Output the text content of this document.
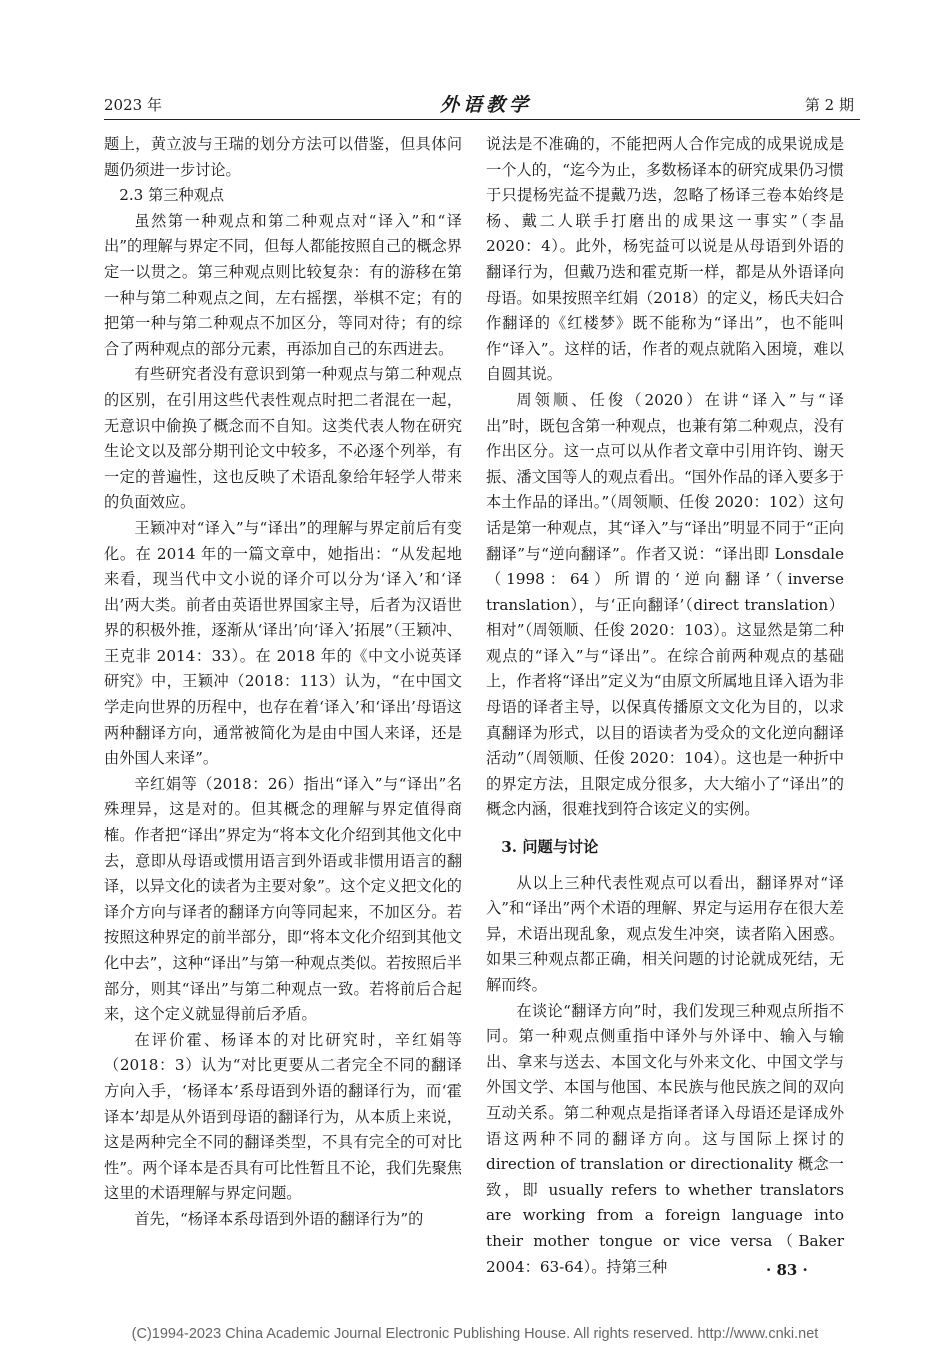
2023 年	外语教学	第 2 期

题上，黄立波与王瑞的划分方法可以借鉴，但具体问题仍须进一步讨论。

2.3 第三种观点

虽然第一种观点和第二种观点对“译入”和“译出”的理解与界定不同，但每人都能按照自己的概念界定一以贯之。第三种观点则比较复杂：有的游移在第一种与第二种观点之间，左右摇摆，举棋不定；有的把第一种与第二种观点不加区分，等同对待；有的综合了两种观点的部分元素，再添加自己的东西进去。

有些研究者没有意识到第一种观点与第二种观点的区别，在引用这些代表性观点时把二者混在一起，无意识中偷换了概念而不自知。这类代表人物在研究生论文以及部分期刊论文中较多，不必逐个列举，有一定的普遍性，这也反映了术语乱象给年轻学人带来的负面效应。

王颖冲对“译入”与“译出”的理解与界定前后有变化。在 2014 年的一篇文章中，她指出：“从发起地来看，现当代中文小说的译介可以分为‘译入’和‘译出’两大类。前者由英语世界国家主导，后者为汉语世界的积极外推，逐渐从‘译出’向‘译入’拓展”（王颖冲、王克非 2014：33）。在 2018 年的《中文小说英译研究》中，王颖冲（2018：113）认为，“在中国文学走向世界的历程中，也存在着‘译入’和‘译出’母语这两种翻译方向，通常被简化为是由中国人来译，还是由外国人来译”。

辛红娟等（2018：26）指出“译入”与“译出”名殊理异，这是对的。但其概念的理解与界定值得商榷。作者把“译出”界定为“将本文化介绍到其他文化中去，意即从母语或惯用语言到外语或非惯用语言的翻译，以异文化的读者为主要对象”。这个定义把文化的译介方向与译者的翻译方向等同起来，不加区分。若按照这种界定的前半部分，即“将本文化介绍到其他文化中去”，这种“译出”与第一种观点类似。若按照后半部分，则其“译出”与第二种观点一致。若将前后合起来，这个定义就显得前后矛盾。

在评价霍、杨译本的对比研究时，辛红娟等（2018：3）认为“对比更要从二者完全不同的翻译方向入手，‘杨译本’系母语到外语的翻译行为，而‘霍译本’却是从外语到母语的翻译行为，从本质上来说，这是两种完全不同的翻译类型，不具有完全的可对比性”。两个译本是否具有可比性暂且不论，我们先聚焦这里的术语理解与界定问题。

首先，“杨译本系母语到外语的翻译行为”的

说法是不准确的，不能把两人合作完成的成果说成是一个人的，“迄今为止，多数杨译本的研究成果仍习惯于只提杨宪益不提戴乃迭，忽略了杨译三卷本始终是杨、戴二人联手打磨出的成果这一事实”（李晶 2020：4）。此外，杨宪益可以说是从母语到外语的翻译行为，但戴乃迭和霍克斯一样，都是从外语译向母语。如果按照辛红娟（2018）的定义，杨氏夫妇合作翻译的《红楼梦》既不能称为“译出”，也不能叫作“译入”。这样的话，作者的观点就陷入困境，难以自圆其说。

周领顺、任俊（2020）在讲“译入”与“译出”时，既包含第一种观点，也兼有第二种观点，没有作出区分。这一点可以从作者文章中引用许钧、谢天振、潘文国等人的观点看出。“国外作品的译入要多于本土作品的译出。”（周领顺、任俊 2020：102）这句话是第一种观点，其“译入”与“译出”明显不同于“正向翻译”与“逆向翻译”。作者又说：“译出即 Lonsdale（1998：64）所谓的‘逆向翻译’（inverse translation），与‘正向翻译’（direct translation）相对”（周领顺、任俊 2020：103）。这显然是第二种观点的“译入”与“译出”。在综合前两种观点的基础上，作者将“译出”定义为“由原文所属地且译入语为非母语的译者主导，以保真传播原文文化为目的，以求真翻译为形式，以目的语读者为受众的文化逆向翻译活动”（周领顺、任俊 2020：104）。这也是一种折中的界定方法，且限定成分很多，大大缩小了“译出”的概念内涵，很难找到符合该定义的实例。

3. 问题与讨论

从以上三种代表性观点可以看出，翻译界对“译入”和“译出”两个术语的理解、界定与运用存在很大差异，术语出现乱象，观点发生冲突，读者陷入困惑。如果三种观点都正确，相关问题的讨论就成死结，无解而终。

在谈论“翻译方向”时，我们发现三种观点所指不同。第一种观点侧重指中译外与外译中、输入与输出、拿来与送去、本国文化与外来文化、中国文学与外国文学、本国与他国、本民族与他民族之间的双向互动关系。第二种观点是指译者译入母语还是译成外语这两种不同的翻译方向。这与国际上探讨的 direction of translation or directionality 概念一致，即 usually refers to whether translators are working from a foreign language into their mother tongue or vice versa（Baker 2004：63-64）。持第三种	· 83 ·
(C)1994-2023 China Academic Journal Electronic Publishing House. All rights reserved. http://www.cnki.net
